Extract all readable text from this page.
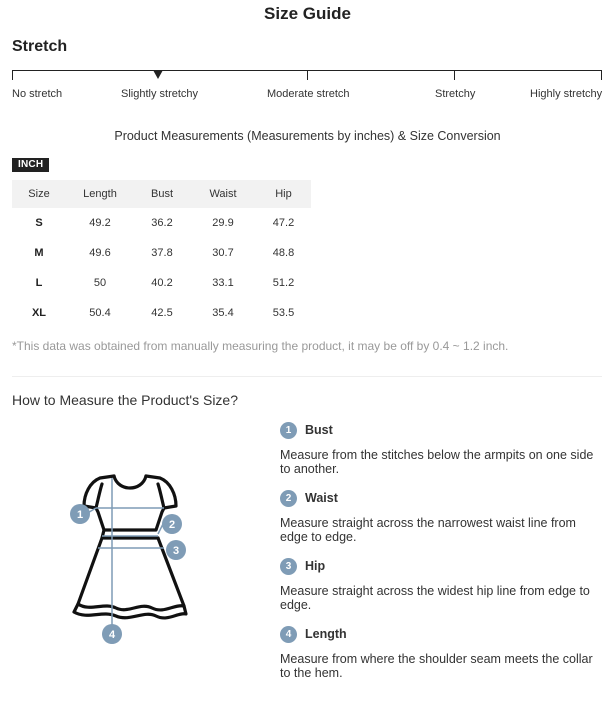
Size Guide
Stretch
No stretch	Slightly stretchy	Moderate stretch	Stretchy	Highly stretchy
Product Measurements (Measurements by inches) & Size Conversion
INCH
Size	Length	Bust	Waist	Hip
S	49.2	36.2	29.9	47.2
M	49.6	37.8	30.7	48.8
L	50	40.2	33.1	51.2
XL	50.4	42.5	35.4	53.5
*This data was obtained from manually measuring the product, it may be off by 0.4 ~ 1.2 inch.
How to Measure the Product's Size?
1
2
3
4
1	Bust
Measure from the stitches below the armpits on one side to another.
2	Waist
Measure straight across the narrowest waist line from edge to edge.
3	Hip
Measure straight across the widest hip line from edge to edge.
4	Length
Measure from where the shoulder seam meets the collar to the hem.
